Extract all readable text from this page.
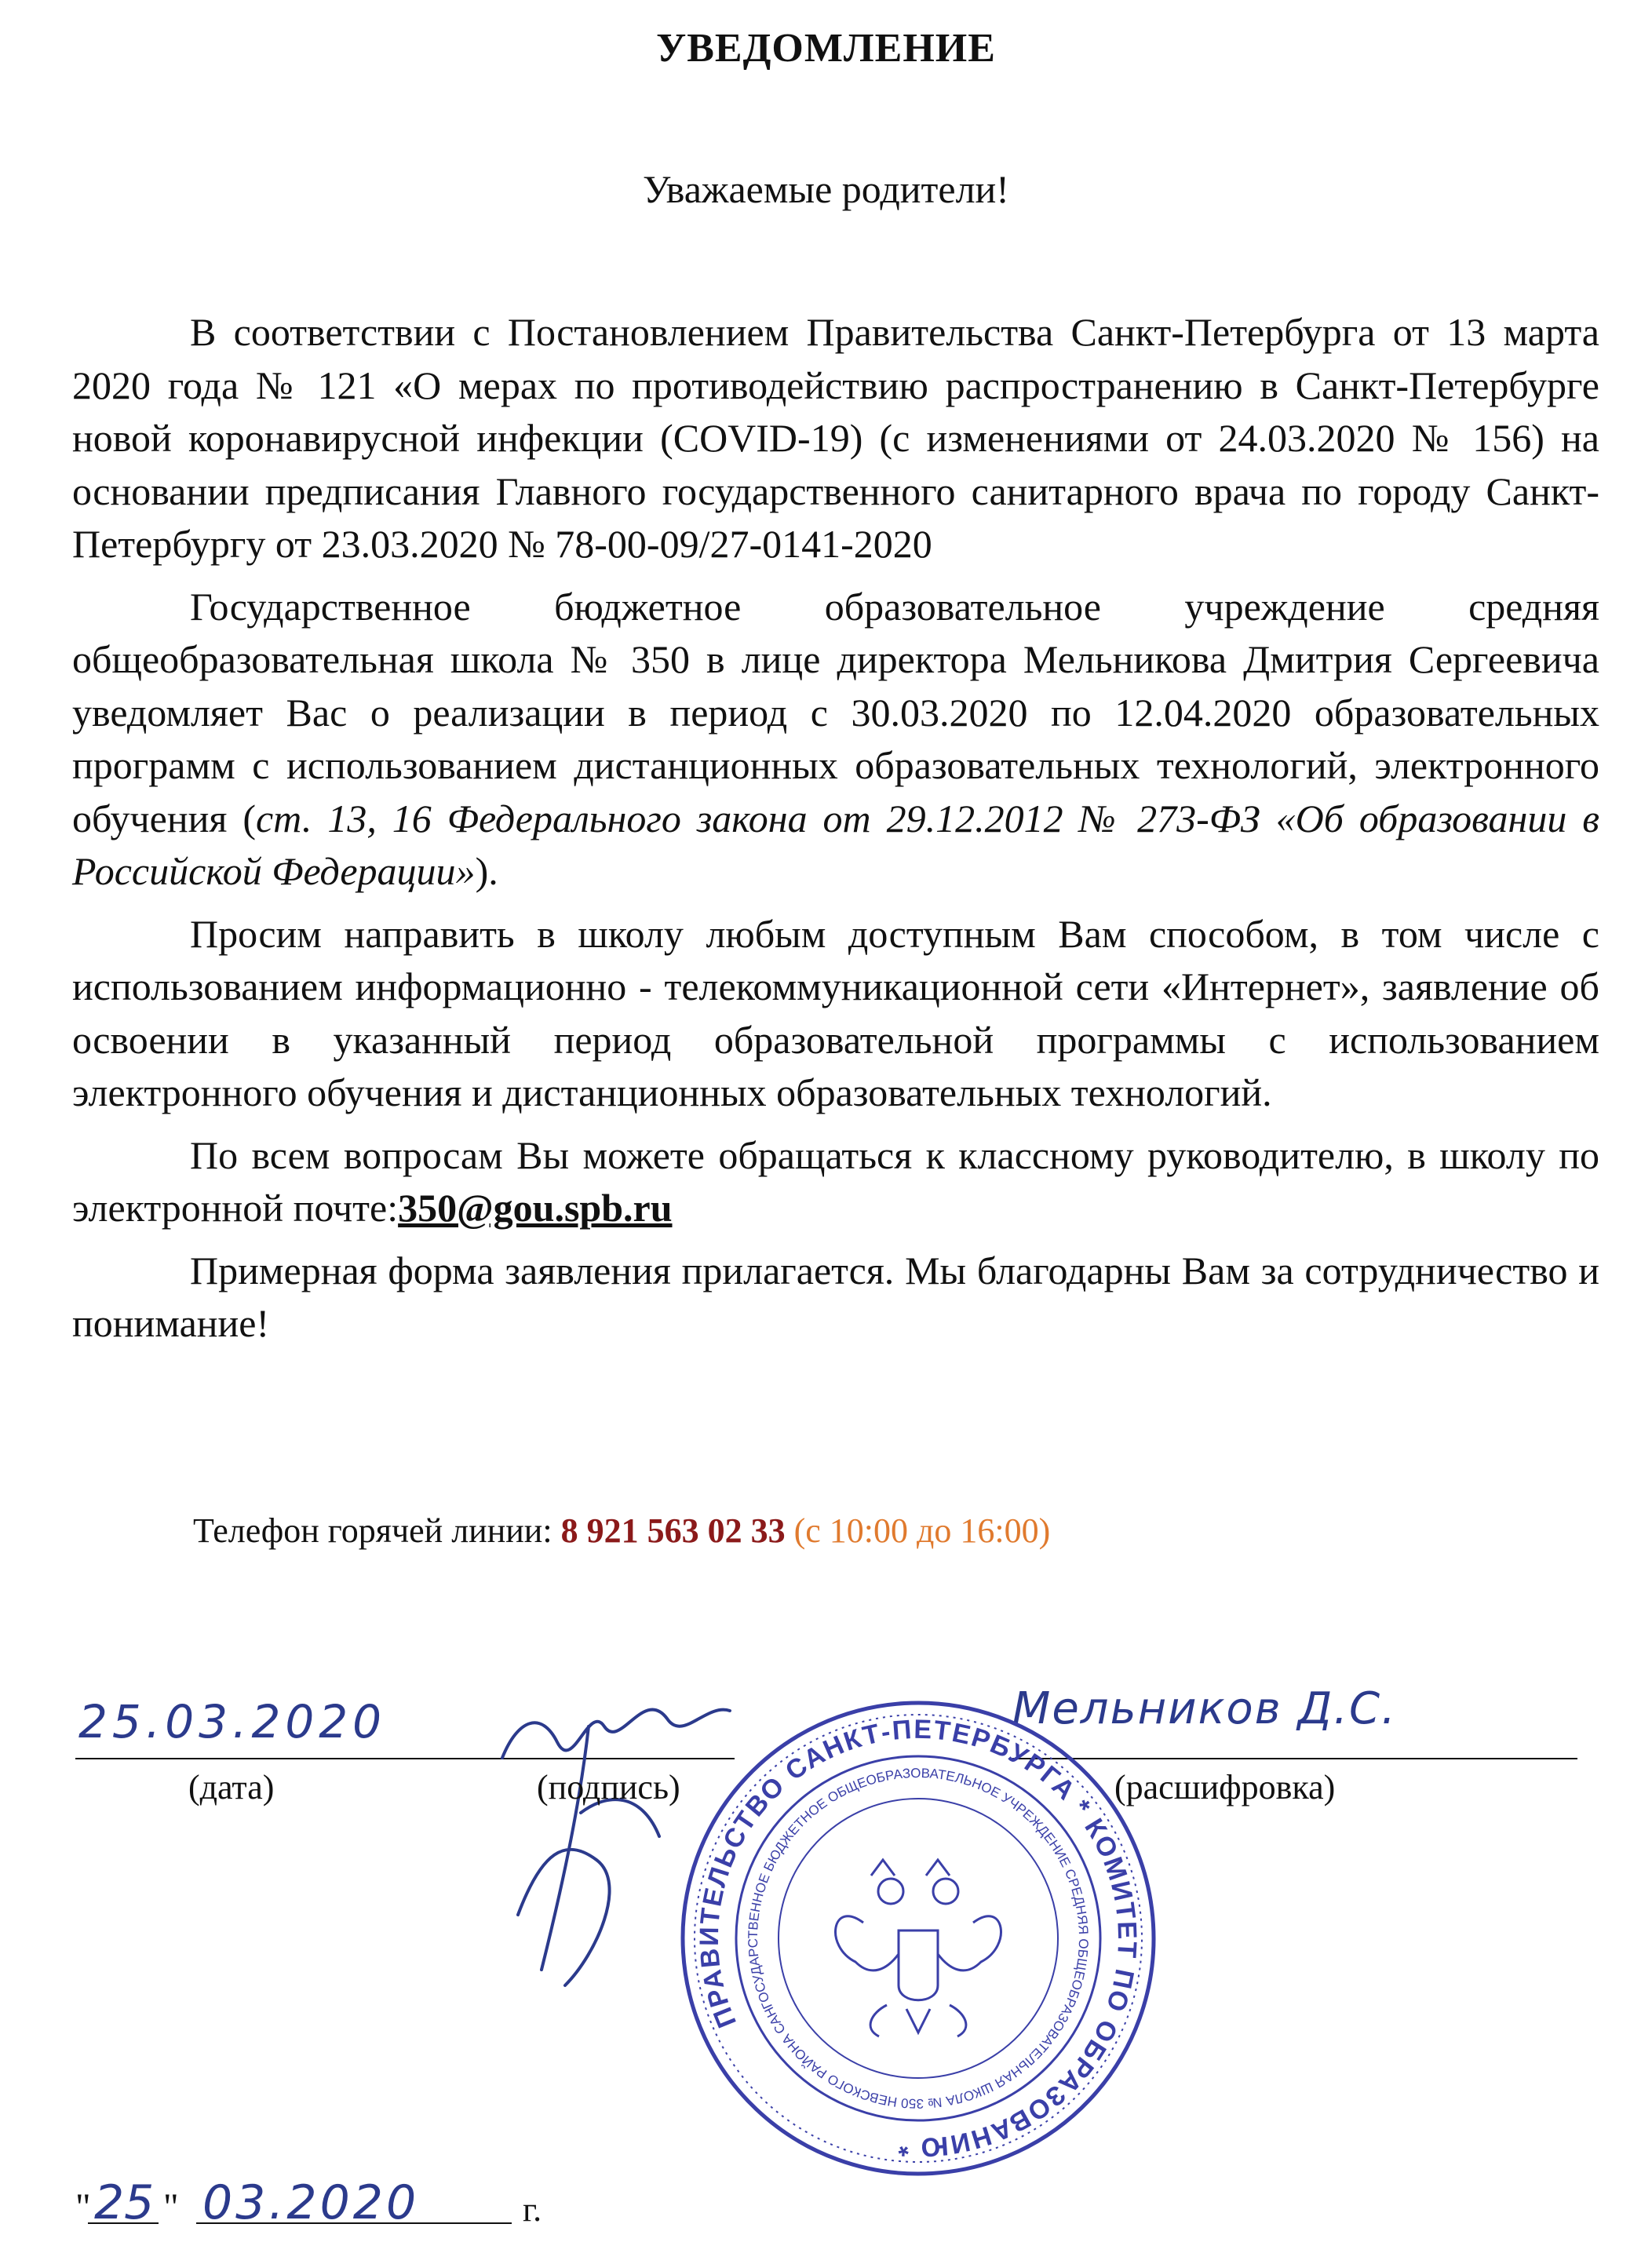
УВЕДОМЛЕНИЕ
Уважаемые родители!

В соответствии с Постановлением Правительства Санкт-Петербурга от 13 марта 2020 года № 121 «О мерах по противодействию распространению в Санкт-Петербурге новой коронавирусной инфекции (COVID-19) (с изменениями от 24.03.2020 № 156) на основании предписания Главного государственного санитарного врача по городу Санкт-Петербургу от 23.03.2020 № 78-00-09/27-0141-2020

Государственное бюджетное образовательное учреждение средняя общеобразовательная школа № 350 в лице директора Мельникова Дмитрия Сергеевича уведомляет Вас о реализации в период с 30.03.2020 по 12.04.2020 образовательных программ с использованием дистанционных образовательных технологий, электронного обучения (ст. 13, 16 Федерального закона от 29.12.2012 № 273-ФЗ «Об образовании в Российской Федерации»).

Просим направить в школу любым доступным Вам способом, в том числе с использованием информационно - телекоммуникационной сети «Интернет», заявление об освоении в указанный период образовательной программы с использованием электронного обучения и дистанционных образовательных технологий.

По всем вопросам Вы можете обращаться к классному руководителю, в школу по электронной почте:350@gou.spb.ru

Примерная форма заявления прилагается. Мы благодарны Вам за сотрудничество и понимание!

Телефон горячей линии: 8 921 563 02 33 (с 10:00 до 16:00)
25.03.2020	Мельников Д.С.
(дата)	(подпись)	(расшифровка)
ПРАВИТЕЛЬСТВО САНКТ-ПЕТЕРБУРГА * КОМИТЕТ ПО ОБРАЗОВАНИЮ *
ГОСУДАРСТВЕННОЕ БЮДЖЕТНОЕ ОБЩЕОБРАЗОВАТЕЛЬНОЕ УЧРЕЖДЕНИЕ СРЕДНЯЯ ОБЩЕОБРАЗОВАТЕЛЬНАЯ ШКОЛА № 350 НЕВСКОГО РАЙОНА САНКТ-ПЕТЕРБУРГА
25
" " 03.2020	г.
